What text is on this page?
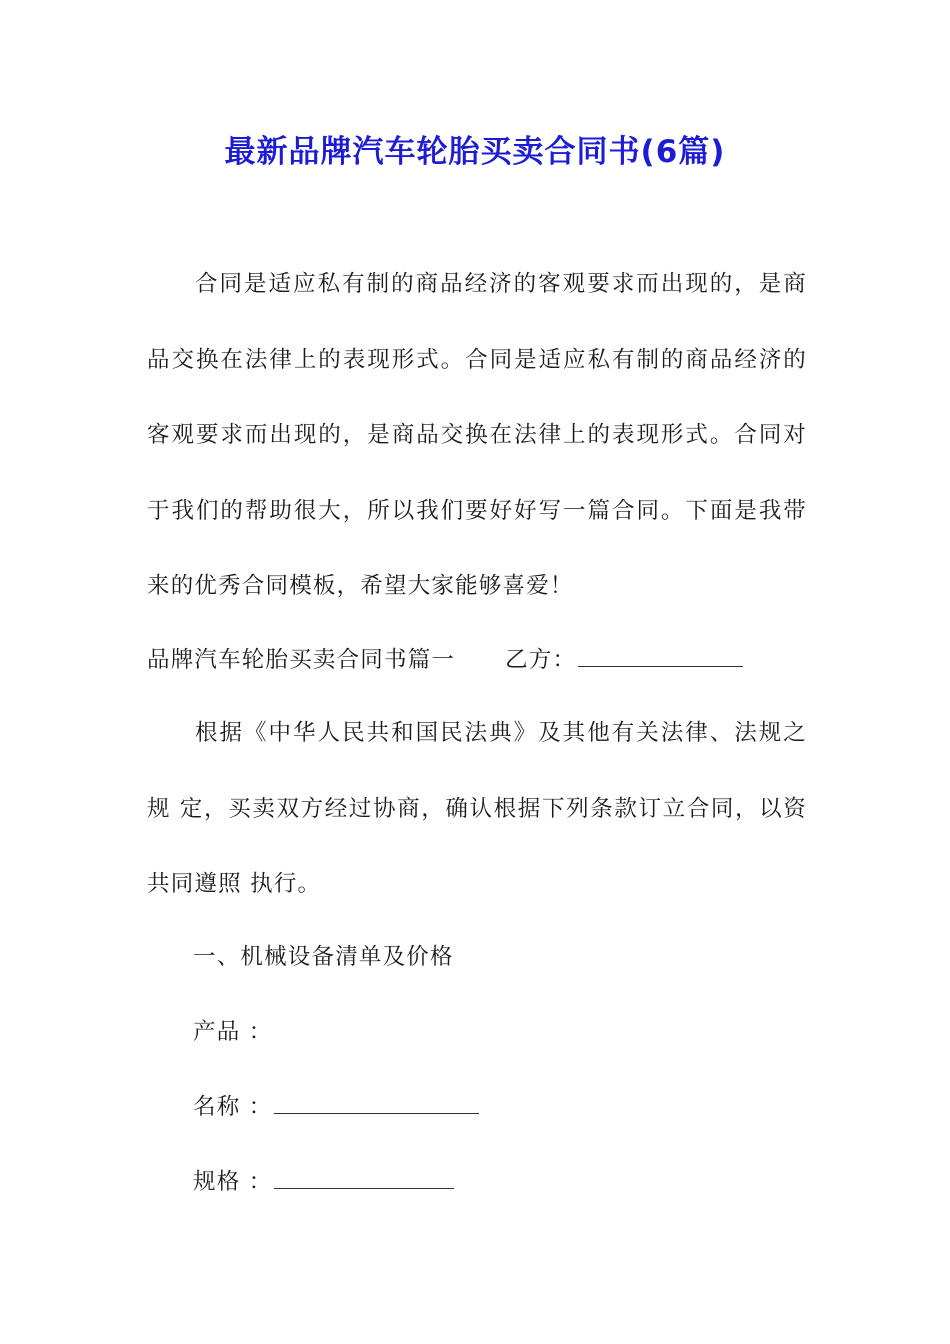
最新品牌汽车轮胎买卖合同书(6篇)

合同是适应私有制的商品经济的客观要求而出现的，是商品交换在法律上的表现形式。合同是适应私有制的商品经济的客观要求而出现的，是商品交换在法律上的表现形式。合同对于我们的帮助很大，所以我们要好好写一篇合同。下面是我带来的优秀合同模板，希望大家能够喜爱！

品牌汽车轮胎买卖合同书篇一 乙方：

根据《中华人民共和国民法典》及其他有关法律、法规之规 定，买卖双方经过协商，确认根据下列条款订立合同，以资共同遵照 执行。

一、机械设备清单及价格
产品 ：
名称 ：
规格 ：
